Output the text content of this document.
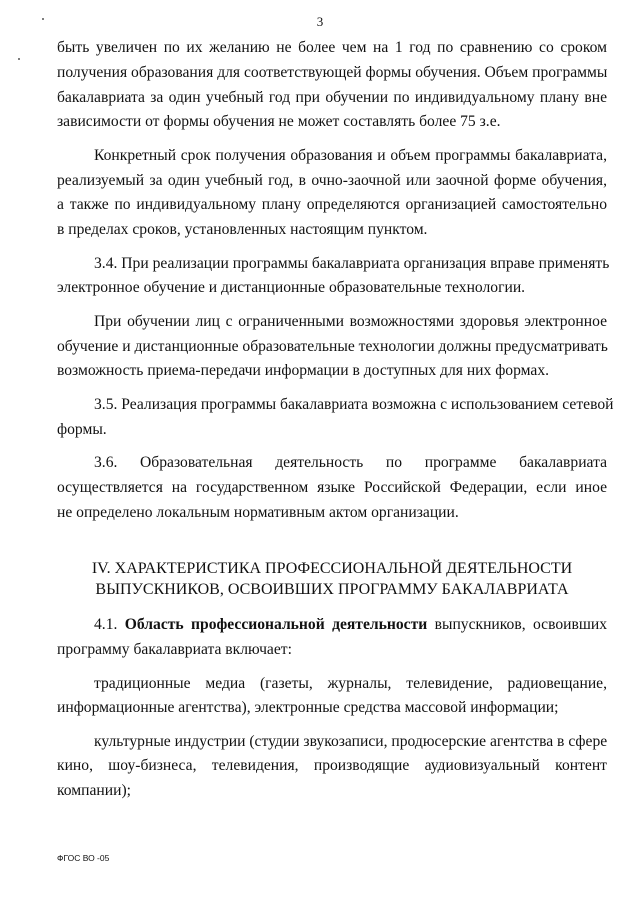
3
быть увеличен по их желанию не более чем на 1 год по сравнению со сроком
получения образования для соответствующей формы обучения. Объем программы
бакалавриата за один учебный год при обучении по индивидуальному плану вне
зависимости от формы обучения не может составлять более 75 з.е.
Конкретный срок получения образования и объем программы бакалавриата,
реализуемый за один учебный год, в очно-заочной или заочной форме обучения,
а также по индивидуальному плану определяются организацией самостоятельно
в пределах сроков, установленных настоящим пунктом.
3.4. При реализации программы бакалавриата организация вправе применять
электронное обучение и дистанционные образовательные технологии.
При обучении лиц с ограниченными возможностями здоровья электронное
обучение и дистанционные образовательные технологии должны предусматривать
возможность приема-передачи информации в доступных для них формах.
3.5. Реализация программы бакалавриата возможна с использованием сетевой
формы.
3.6. Образовательная деятельность по программе бакалавриата
осуществляется на государственном языке Российской Федерации, если иное
не определено локальным нормативным актом организации.
IV. ХАРАКТЕРИСТИКА ПРОФЕССИОНАЛЬНОЙ ДЕЯТЕЛЬНОСТИ
ВЫПУСКНИКОВ, ОСВОИВШИХ ПРОГРАММУ БАКАЛАВРИАТА
4.1. Область профессиональной деятельности выпускников, освоивших
программу бакалавриата включает:
традиционные медиа (газеты, журналы, телевидение, радиовещание,
информационные агентства), электронные средства массовой информации;
культурные индустрии (студии звукозаписи, продюсерские агентства в сфере
кино, шоу-бизнеса, телевидения, производящие аудиовизуальный контент
компании);
ФГОС ВО -05
